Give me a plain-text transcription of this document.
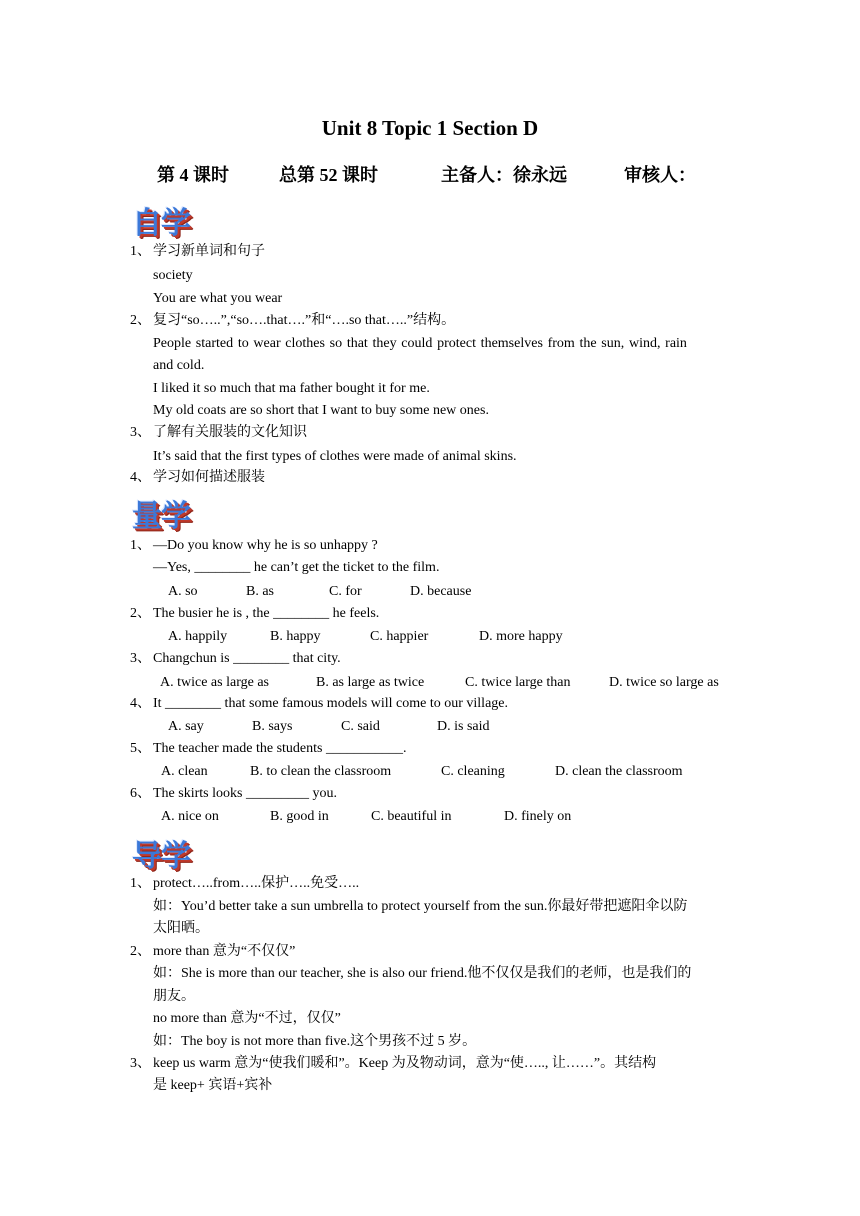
Unit 8 Topic 1 Section D
第 4 课时	总第 52 课时	主备人：徐永远	审核人：
自学
1、 学习新单词和句子
society
You are what you wear
2、 复习“so…..”,“so….that….”和“….so that…..”结构。
People started to wear clothes so that they could protect themselves from the sun, wind, rain
and cold.
I liked it so much that ma father bought it for me.
My old coats are so short that I want to buy some new ones.
3、 了解有关服装的文化知识
It’s said that the first types of clothes were made of animal skins.
4、 学习如何描述服装
量学
1、 —Do you know why he is so unhappy ?
—Yes, ________ he can’t get the ticket to the film.
A. so	B. as	C. for	D. because
2、 The busier he is , the ________ he feels.
A. happily	B. happy	C. happier	D. more happy
3、 Changchun is ________ that city.
A. twice as large as	B. as large as twice	C. twice large than	D. twice so large as
4、 It ________ that some famous models will come to our village.
A. say	B. says	C. said	D. is said
5、 The teacher made the students ___________.
A. clean	B. to clean the classroom	C. cleaning	D. clean the classroom
6、 The skirts looks _________ you.
A. nice on	B. good in	C. beautiful in	D. finely on
导学
1、 protect…..from…..保护…..免受…..
如：You’d better take a sun umbrella to protect yourself from the sun.你最好带把遮阳伞以防
太阳晒。
2、 more than 意为“不仅仅”
如：She is more than our teacher, she is also our friend.他不仅仅是我们的老师，也是我们的
朋友。
no more than 意为“不过，仅仅”
如：The boy is not more than five.这个男孩不过 5 岁。
3、 keep us warm 意为“使我们暖和”。Keep 为及物动词，意为“使….., 让……”。其结构
是 keep+ 宾语+宾补
